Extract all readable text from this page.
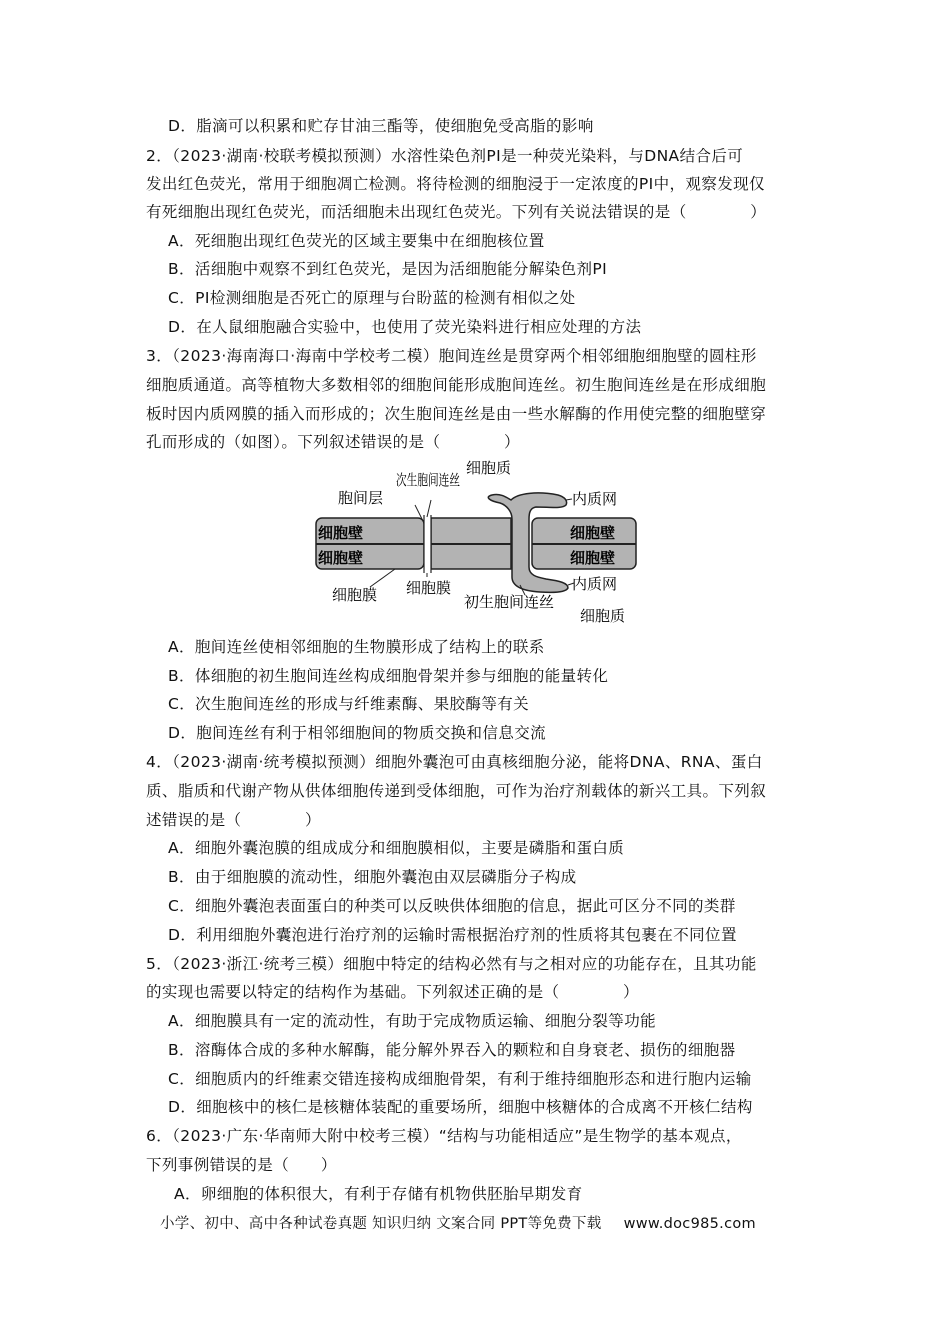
D．脂滴可以积累和贮存甘油三酯等，使细胞免受高脂的影响
2．（2023·湖南·校联考模拟预测）水溶性染色剂PI是一种荧光染料，与DNA结合后可
发出红色荧光，常用于细胞凋亡检测。将待检测的细胞浸于一定浓度的PI中，观察发现仅
有死细胞出现红色荧光，而活细胞未出现红色荧光。下列有关说法错误的是（　　　　）
A．死细胞出现红色荧光的区域主要集中在细胞核位置
B．活细胞中观察不到红色荧光，是因为活细胞能分解染色剂PI
C．PI检测细胞是否死亡的原理与台盼蓝的检测有相似之处
D．在人鼠细胞融合实验中，也使用了荧光染料进行相应处理的方法
3．（2023·海南海口·海南中学校考二模）胞间连丝是贯穿两个相邻细胞细胞壁的圆柱形
细胞质通道。高等植物大多数相邻的细胞间能形成胞间连丝。初生胞间连丝是在形成细胞
板时因内质网膜的插入而形成的；次生胞间连丝是由一些水解酶的作用使完整的细胞壁穿
孔而形成的（如图）。下列叙述错误的是（　　　　）
细胞质
次生胞间连丝
胞间层	内质网
细胞壁
细胞壁
细胞壁
细胞壁
细胞膜 细胞膜
初生胞间连丝
内质网
细胞质
A．胞间连丝使相邻细胞的生物膜形成了结构上的联系
B．体细胞的初生胞间连丝构成细胞骨架并参与细胞的能量转化
C．次生胞间连丝的形成与纤维素酶、果胶酶等有关
D．胞间连丝有利于相邻细胞间的物质交换和信息交流
4．（2023·湖南·统考模拟预测）细胞外囊泡可由真核细胞分泌，能将DNA、RNA、蛋白
质、脂质和代谢产物从供体细胞传递到受体细胞，可作为治疗剂载体的新兴工具。下列叙
述错误的是（　　　　）
A．细胞外囊泡膜的组成成分和细胞膜相似，主要是磷脂和蛋白质
B．由于细胞膜的流动性，细胞外囊泡由双层磷脂分子构成
C．细胞外囊泡表面蛋白的种类可以反映供体细胞的信息，据此可区分不同的类群
D．利用细胞外囊泡进行治疗剂的运输时需根据治疗剂的性质将其包裹在不同位置
5．（2023·浙江·统考三模）细胞中特定的结构必然有与之相对应的功能存在，且其功能
的实现也需要以特定的结构作为基础。下列叙述正确的是（　　　　）
A．细胞膜具有一定的流动性，有助于完成物质运输、细胞分裂等功能
B．溶酶体合成的多种水解酶，能分解外界吞入的颗粒和自身衰老、损伤的细胞器
C．细胞质内的纤维素交错连接构成细胞骨架，有利于维持细胞形态和进行胞内运输
D．细胞核中的核仁是核糖体装配的重要场所，细胞中核糖体的合成离不开核仁结构
6．（2023·广东·华南师大附中校考三模）“结构与功能相适应”是生物学的基本观点，
下列事例错误的是（　　）
A．卵细胞的体积很大，有利于存储有机物供胚胎早期发育
小学、初中、高中各种试卷真题 知识归纳 文案合同 PPT等免费下载 www.doc985.com
